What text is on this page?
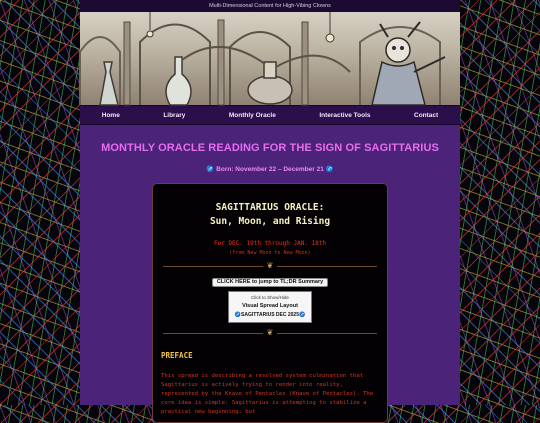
Multi-Dimensional Content for High-Vibing Clowns
Home	Library	Monthly Oracle	Interactive Tools	Contact
MONTHLY ORACLE READING FOR THE SIGN OF SAGITTARIUS
♐ Born: November 22 – December 21 ♐
SAGITTARIUS ORACLE:
Sun, Moon, and Rising
For DEC. 19th through JAN. 18th
(from New Moon to New Moon)
❦
CLICK HERE to jump to TL;DR Summary
Click to Show/Hide
Visual Spread Layout
♐SAGITTARIUS DEC 2025♐
❦
PREFACE

This spread is describing a resolved system culmination that Sagittarius is actively trying to render into reality, represented by the Knave of Pentacles (Knave of Pentacles). The core idea is simple: Sagittarius is attempting to stabilize a practical new beginning, but
